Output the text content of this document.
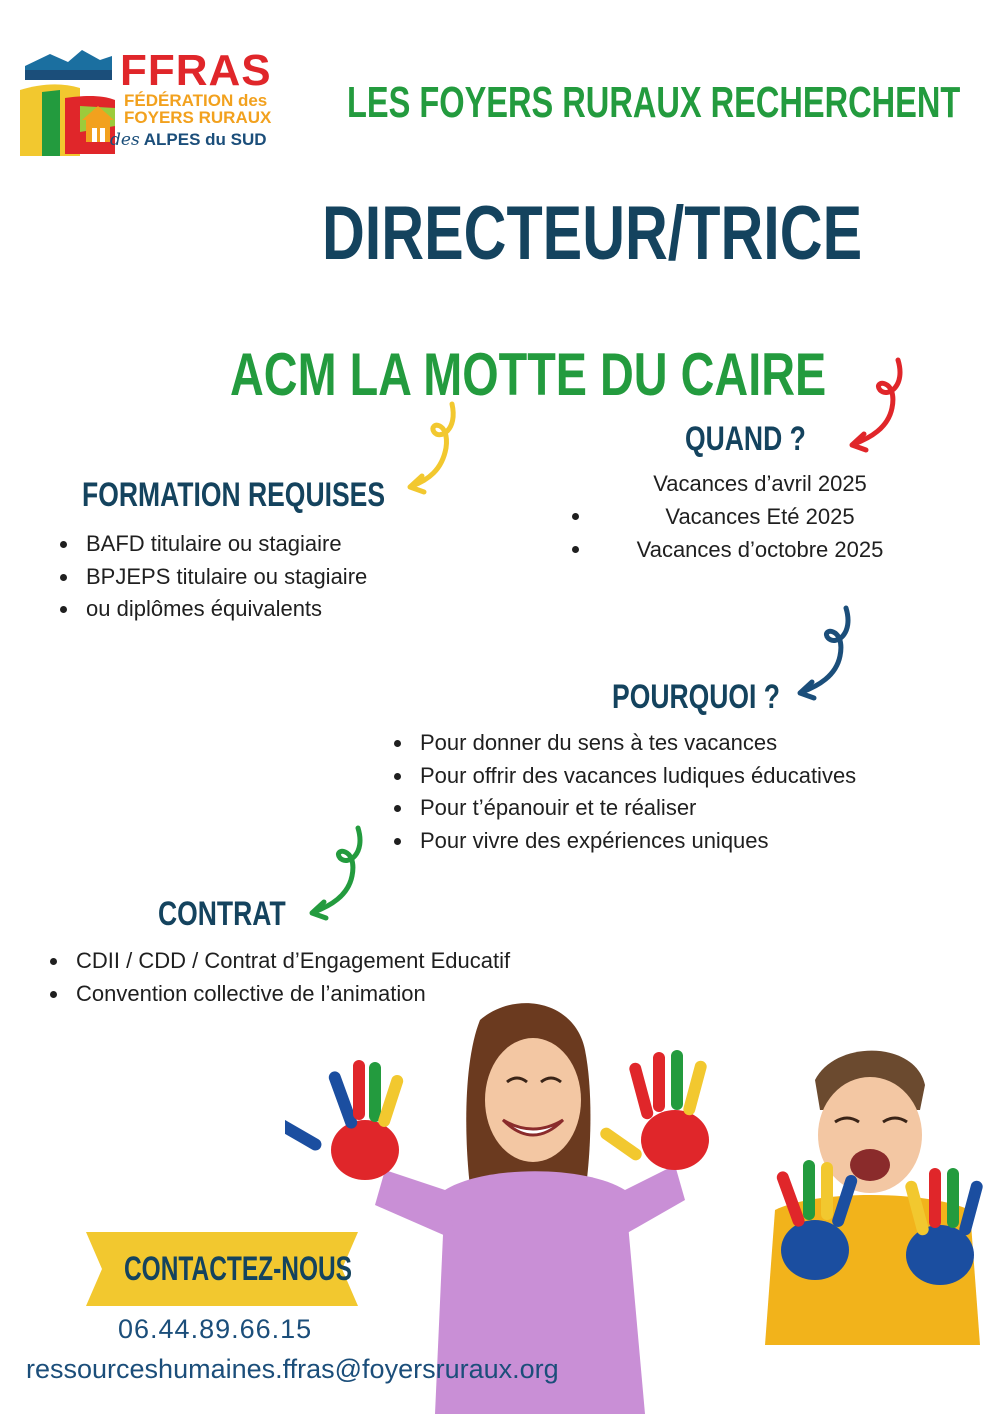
FFRAS
FÉDÉRATION des
FOYERS RURAUX
des ALPES du SUD
LES FOYERS RURAUX RECHERCHENT
DIRECTEUR/TRICE
ACM LA MOTTE DU CAIRE
FORMATION REQUISES
BAFD titulaire ou stagiaire
BPJEPS titulaire ou stagiaire
ou diplômes équivalents
QUAND ?
Vacances d’avril 2025
Vacances Eté 2025
Vacances d’octobre 2025
POURQUOI ?
Pour donner du sens à tes vacances
Pour offrir des vacances ludiques éducatives
Pour t’épanouir et te réaliser
Pour vivre des expériences uniques
CONTRAT
CDII / CDD / Contrat d’Engagement Educatif
Convention collective de l’animation
CONTACTEZ-NOUS
06.44.89.66.15
ressourceshumaines.ffras@foyersruraux.org
